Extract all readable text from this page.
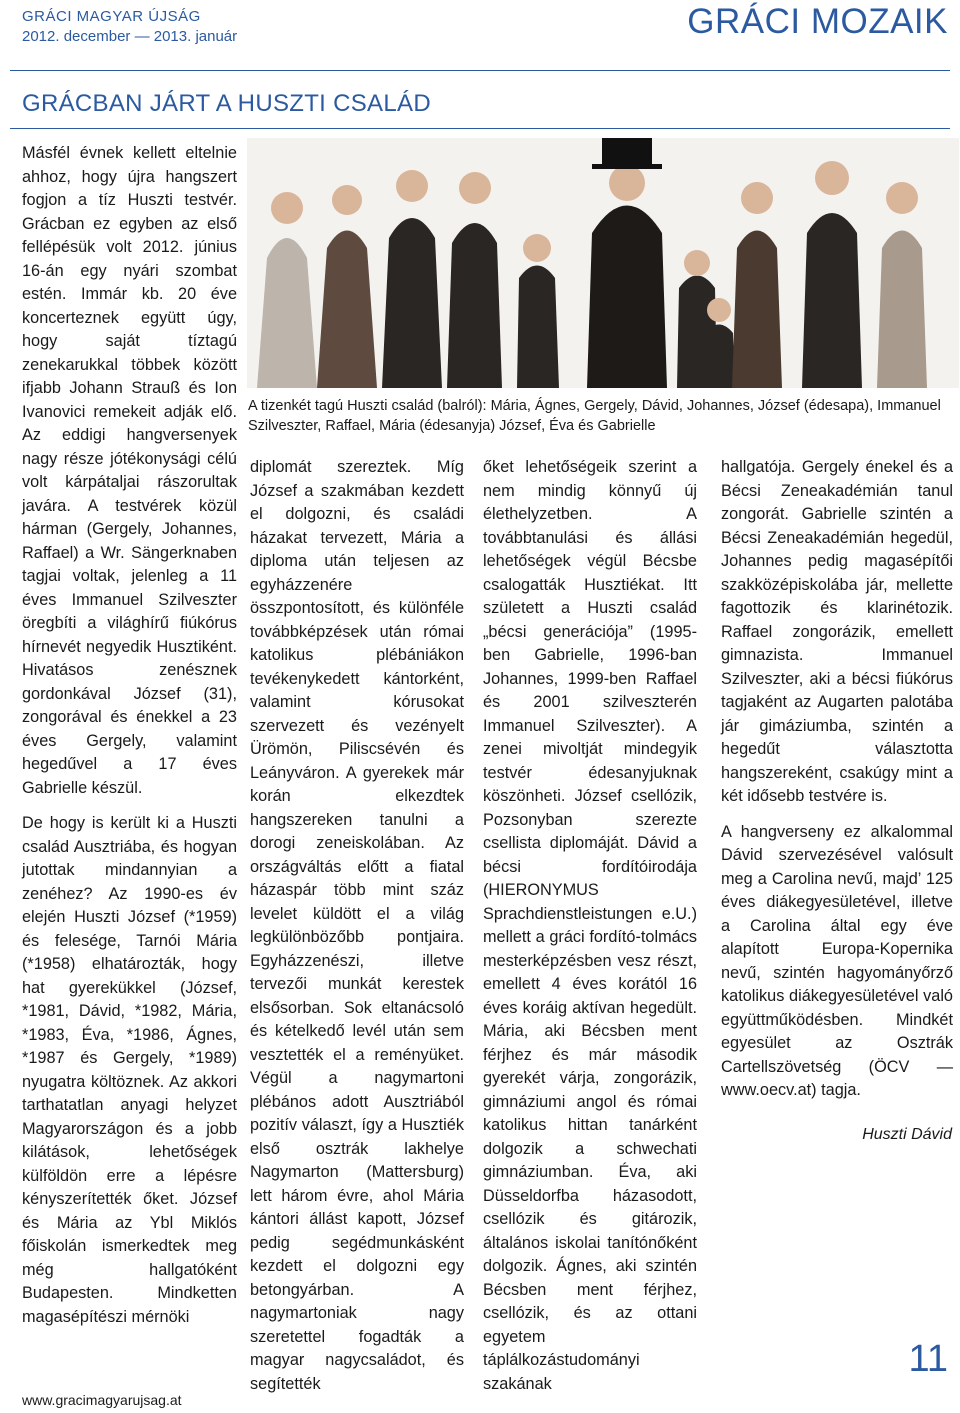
GRÁCI MAGYAR ÚJSÁG
2012. december — 2013. január	GRÁCI MOZAIK
GRÁCBAN JÁRT A HUSZTI CSALÁD
A tizenkét tagú Huszti család (balról): Mária, Ágnes, Gergely, Dávid, Johannes, József (édesapa), Immanuel Szilveszter, Raffael, Mária (édesanyja) József, Éva és Gabrielle

Másfél évnek kellett eltelnie ahhoz, hogy újra hangszert fogjon a tíz Huszti testvér. Grácban ez egyben az első fellépésük volt 2012. június 16-án egy nyári szombat estén. Immár kb. 20 éve koncerteznek együtt úgy, hogy saját tíztagú zenekarukkal többek között ifjabb Johann Strauß és Ion Ivanovici remekeit adják elő. Az eddigi hangversenyek nagy része jótékonysági célú volt kárpátaljai rászorultak javára. A testvérek közül hárman (Gergely, Johannes, Raffael) a Wr. Sängerknaben tagjai voltak, jelenleg a 11 éves Immanuel Szilveszter öregbíti a világhírű fiúkórus hírnevét negyedik Husztiként. Hivatásos zenésznek gordonkával József (31), zongorával és énekkel a 23 éves Gergely, valamint hegedűvel a 17 éves Gabrielle készül.

De hogy is került ki a Huszti család Ausztriába, és hogyan jutottak mindannyian a zenéhez? Az 1990-es év elején Huszti József (*1959) és felesége, Tarnói Mária (*1958) elhatározták, hogy hat gyerekükkel (József, *1981, Dávid, *1982, Mária, *1983, Éva, *1986, Ágnes, *1987 és Gergely, *1989) nyugatra költöznek. Az akkori tarthatatlan anyagi helyzet Magyarországon és a jobb kilátások, lehetőségek külföldön erre a lépésre kényszerítették őket. József és Mária az Ybl Miklós főiskolán ismerkedtek meg még hallgatóként Budapesten. Mindketten magasépítészi mérnöki

diplomát szereztek. Míg József a szakmában kezdett el dolgozni, és családi házakat tervezett, Mária a diploma után teljesen az egyházzenére összpontosított, és különféle továbbképzések után római katolikus plébániákon tevékenykedett kántorként, valamint kórusokat szervezett és vezényelt Ürömön, Piliscsévén és Leányváron. A gyerekek már korán elkezdtek hangszereken tanulni a dorogi zeneiskolában. Az országváltás előtt a fiatal házaspár több mint száz levelet küldött el a világ legkülönbözőbb pontjaira. Egyházzenészi, illetve tervezői munkát kerestek elsősorban. Sok eltanácsoló és kételkedő levél után sem vesztették el a reményüket. Végül a nagymartoni plébános adott Ausztriából pozitív választ, így a Husztiék első osztrák lakhelye Nagymarton (Mattersburg) lett három évre, ahol Mária kántori állást kapott, József pedig segédmunkásként kezdett el dolgozni egy betongyárban. A nagymartoniak nagy szeretettel fogadták a magyar nagycsaládot, és segítették

őket lehetőségeik szerint a nem mindig könnyű új élethelyzetben. A továbbtanulási és állási lehetőségek végül Bécsbe csalogatták Husztiékat. Itt született a Huszti család „bécsi generációja” (1995-ben Gabrielle, 1996-ban Johannes, 1999-ben Raffael és 2001 szilveszterén Immanuel Szilveszter). A zenei mivoltját mindegyik testvér édesanyjuknak köszönheti. József csellózik, Pozsonyban szerezte csellista diplomáját. Dávid a bécsi fordítóirodája (HIERONYMUS Sprachdienstleistungen e.U.) mellett a gráci fordító-tolmács mesterképzésben vesz részt, emellett 4 éves korától 16 éves koráig aktívan hegedült. Mária, aki Bécsben ment férjhez és már második gyerekét várja, zongorázik, gimnáziumi angol és római katolikus hittan tanárként dolgozik a schwechati gimnáziumban. Éva, aki Düsseldorfba házasodott, csellózik és gitározik, általános iskolai tanítónőként dolgozik. Ágnes, aki szintén Bécsben ment férjhez, csellózik, és az ottani egyetem táplálkozástudományi szakának

hallgatója. Gergely énekel és a Bécsi Zeneakadémián tanul zongorát. Gabrielle szintén a Bécsi Zeneakadémián hegedül, Johannes pedig magasépítői szakközépiskolába jár, mellette fagottozik és klarinétozik. Raffael zongorázik, emellett gimnazista. Immanuel Szilveszter, aki a bécsi fiúkórus tagjaként az Augarten palotába jár gimáziumba, szintén a hegedűt választotta hangszereként, csakúgy mint a két idősebb testvére is.

A hangverseny ez alkalommal Dávid szervezésével valósult meg a Carolina nevű, majd’ 125 éves diákegyesületével, illetve a Carolina által egy éve alapított Europa-Kopernika nevű, szintén hagyományőrző katolikus diákegyesületével való együttműködésben. Mindkét egyesület az Osztrák Cartellszövetség (ÖCV — www.oecv.at) tagja.

Huszti Dávid
11
www.gracimagyarujsag.at
